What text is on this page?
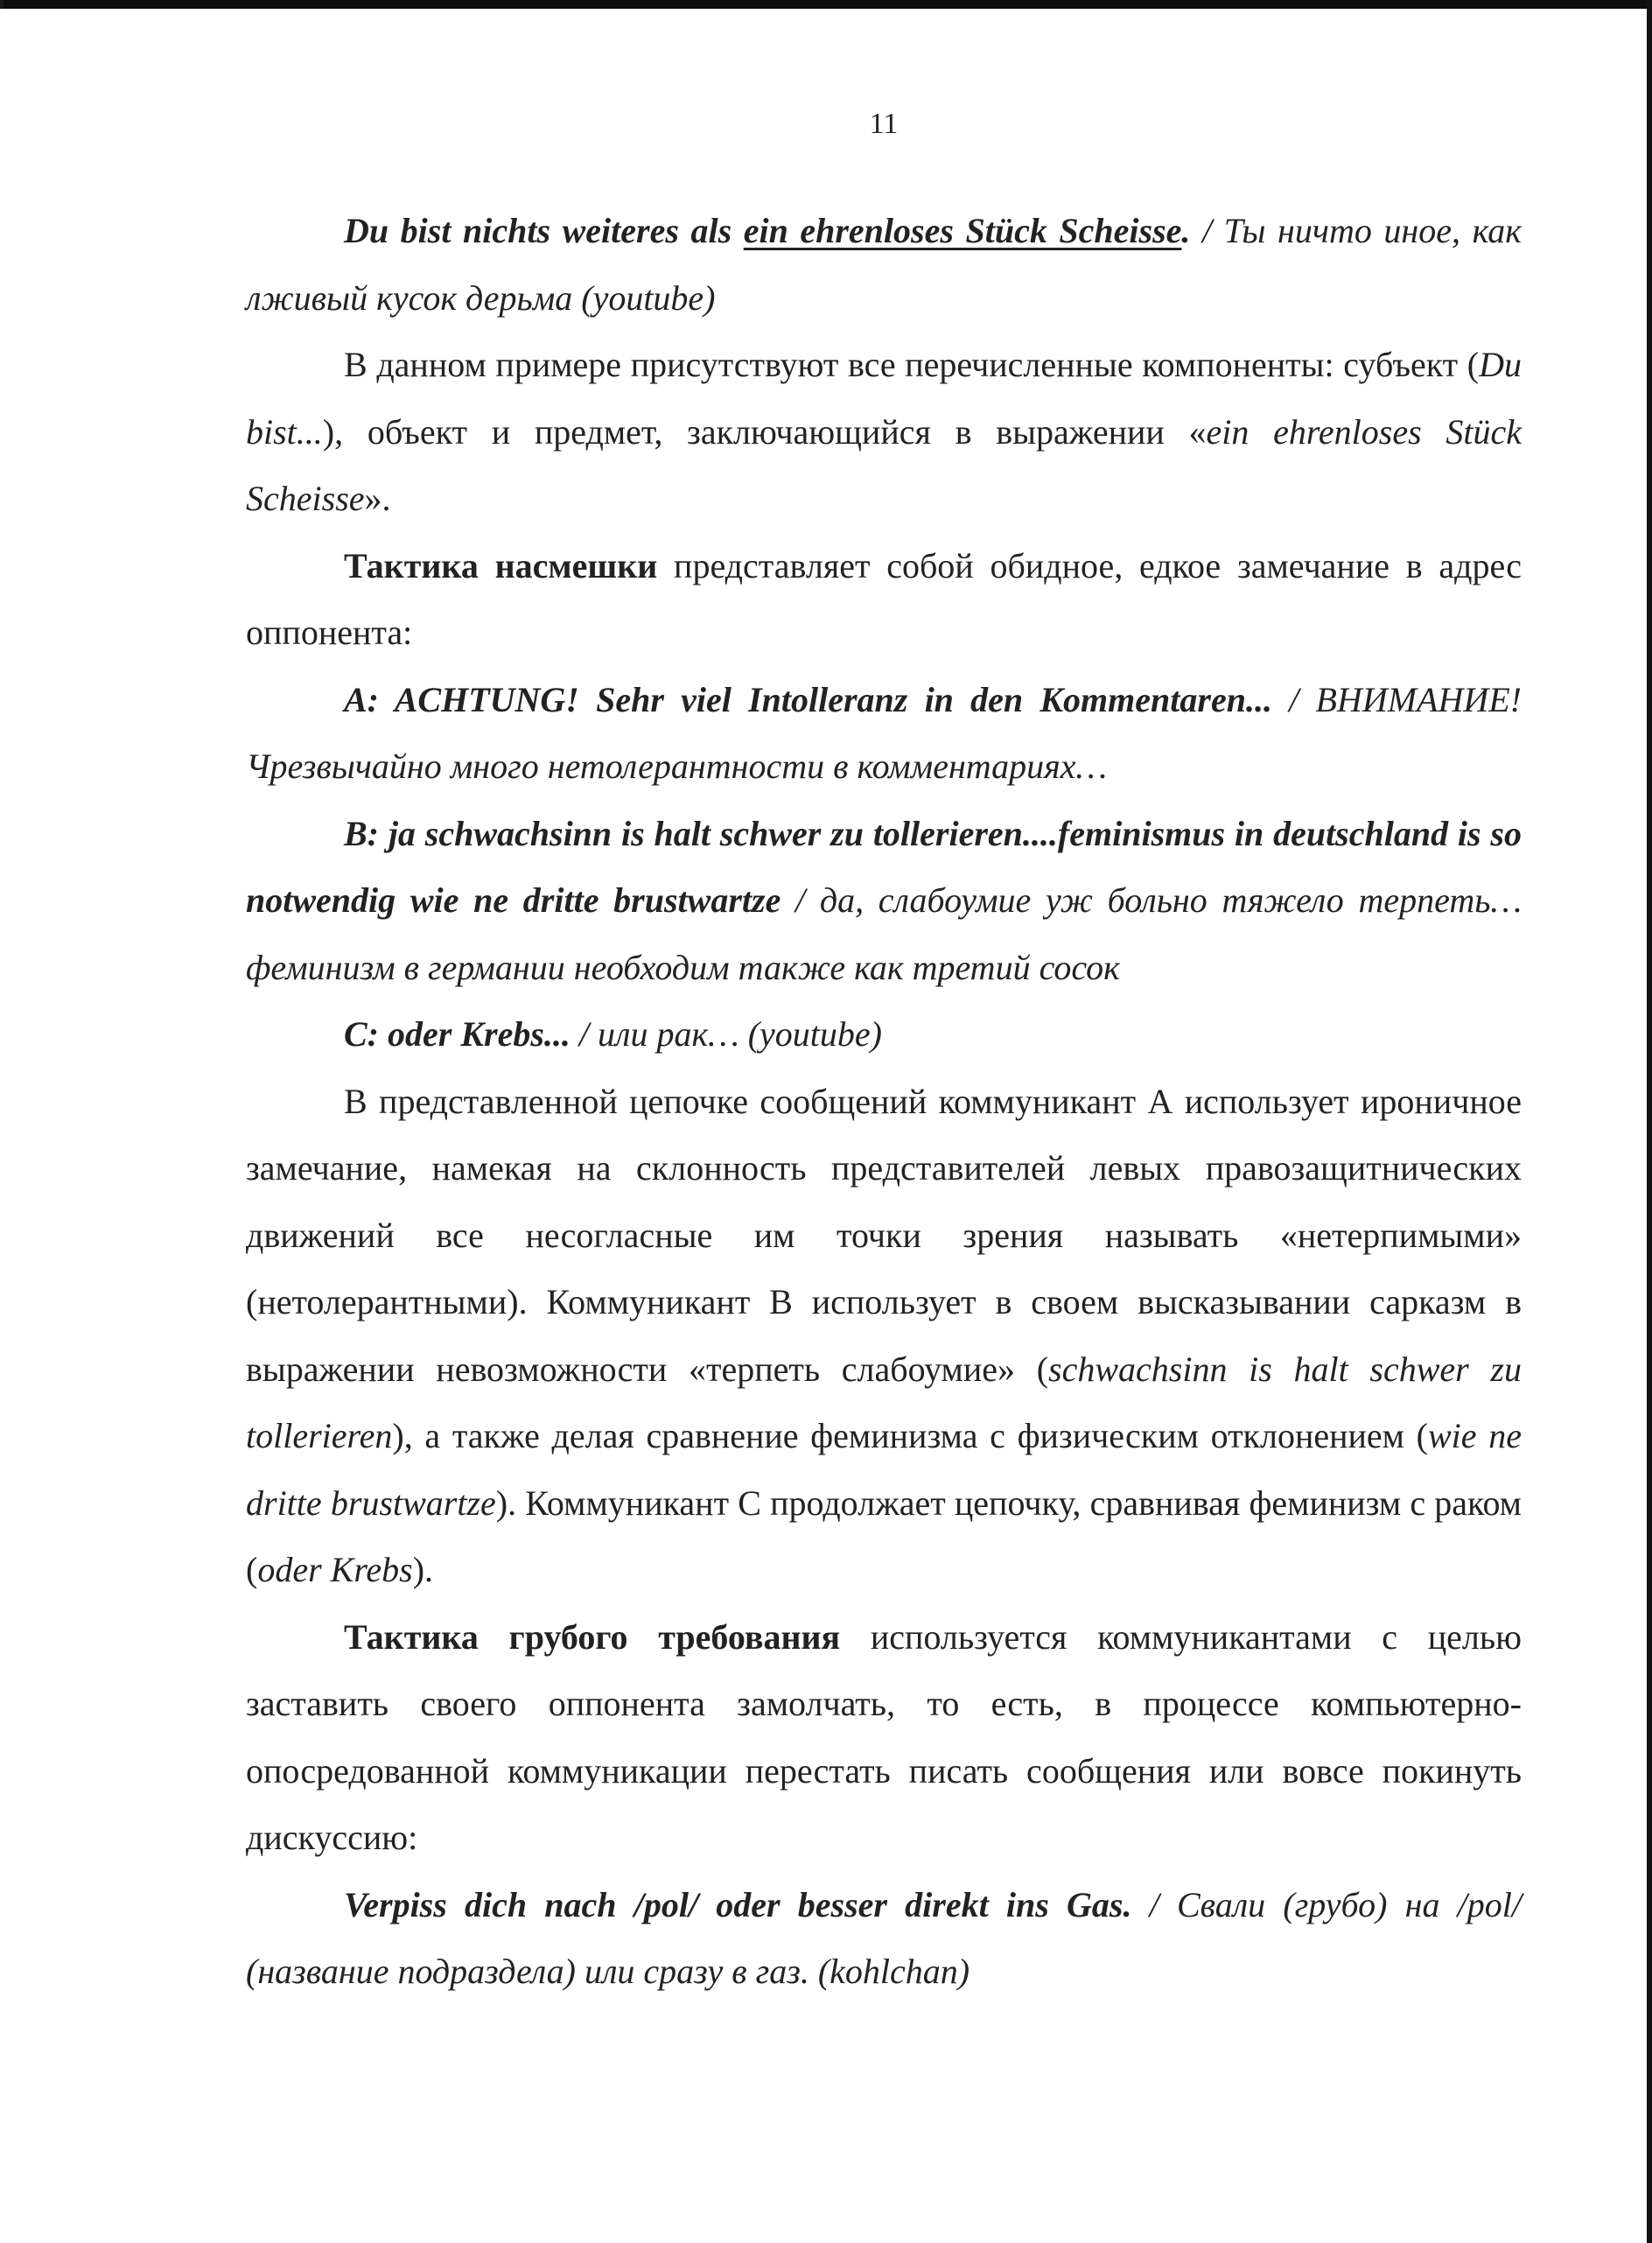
11

Du bist nichts weiteres als ein ehrenloses Stück Scheisse. / Ты ничто иное, как лживый кусок дерьма (youtube)

В данном примере присутствуют все перечисленные компоненты: субъект (Du bist...), объект и предмет, заключающийся в выражении «ein ehrenloses Stück Scheisse».

Тактика насмешки представляет собой обидное, едкое замечание в адрес оппонента:

A: ACHTUNG! Sehr viel Intolleranz in den Kommentaren... / ВНИМАНИЕ! Чрезвычайно много нетолерантности в комментариях…

B: ja schwachsinn is halt schwer zu tollerieren....feminismus in deutschland is so notwendig wie ne dritte brustwartze / да, слабоумие уж больно тяжело терпеть…феминизм в германии необходим также как третий сосок

C: oder Krebs... / или рак… (youtube)

В представленной цепочке сообщений коммуникант А использует ироничное замечание, намекая на склонность представителей левых правозащитнических движений все несогласные им точки зрения называть «нетерпимыми» (нетолерантными). Коммуникант В использует в своем высказывании сарказм в выражении невозможности «терпеть слабоумие» (schwachsinn is halt schwer zu tollerieren), а также делая сравнение феминизма с физическим отклонением (wie ne dritte brustwartze). Коммуникант С продолжает цепочку, сравнивая феминизм с раком (oder Krebs).

Тактика грубого требования используется коммуникантами с целью заставить своего оппонента замолчать, то есть, в процессе компьютерно-опосредованной коммуникации перестать писать сообщения или вовсе покинуть дискуссию:

Verpiss dich nach /pol/ oder besser direkt ins Gas. / Свали (грубо) на /pol/ (название подраздела) или сразу в газ. (kohlchan)
